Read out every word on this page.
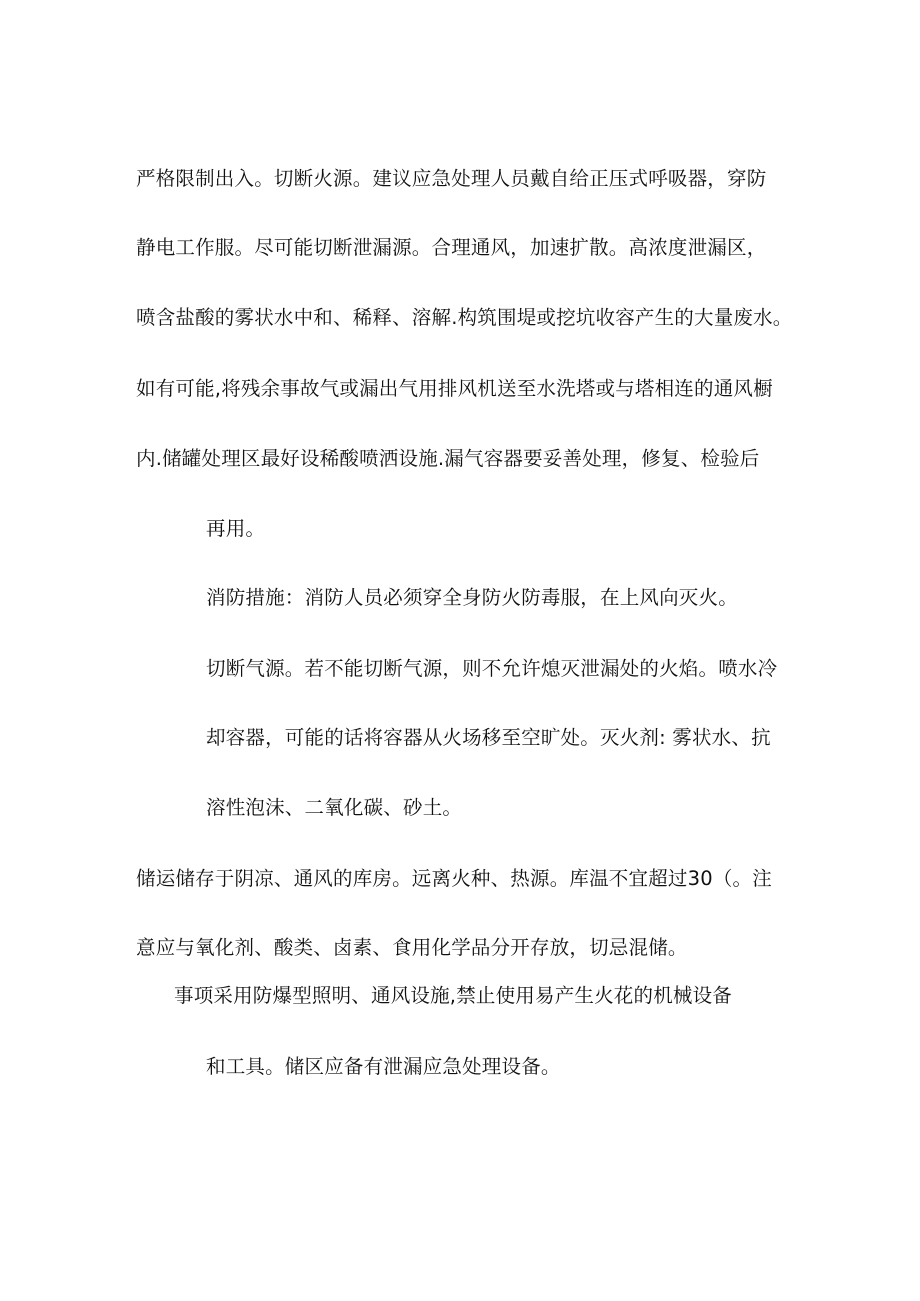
严格限制出入。切断火源。建议应急处理人员戴自给正压式呼吸器，穿防
静电工作服。尽可能切断泄漏源。合理通风，加速扩散。高浓度泄漏区，
喷含盐酸的雾状水中和、稀释、溶解.构筑围堤或挖坑收容产生的大量废水。
如有可能,将残余事故气或漏出气用排风机送至水洗塔或与塔相连的通风橱
内.储罐处理区最好设稀酸喷洒设施.漏气容器要妥善处理，修复、检验后
再用。
消防措施：消防人员必须穿全身防火防毒服，在上风向灭火。
切断气源。若不能切断气源，则不允许熄灭泄漏处的火焰。喷水冷
却容器，可能的话将容器从火场移至空旷处。灭火剂: 雾状水、抗
溶性泡沫、二氧化碳、砂土。
储运储存于阴凉、通风的库房。远离火种、热源。库温不宜超过30（。注
意应与氧化剂、酸类、卤素、食用化学品分开存放，切忌混储。
事项采用防爆型照明、通风设施,禁止使用易产生火花的机械设备
和工具。储区应备有泄漏应急处理设备。
